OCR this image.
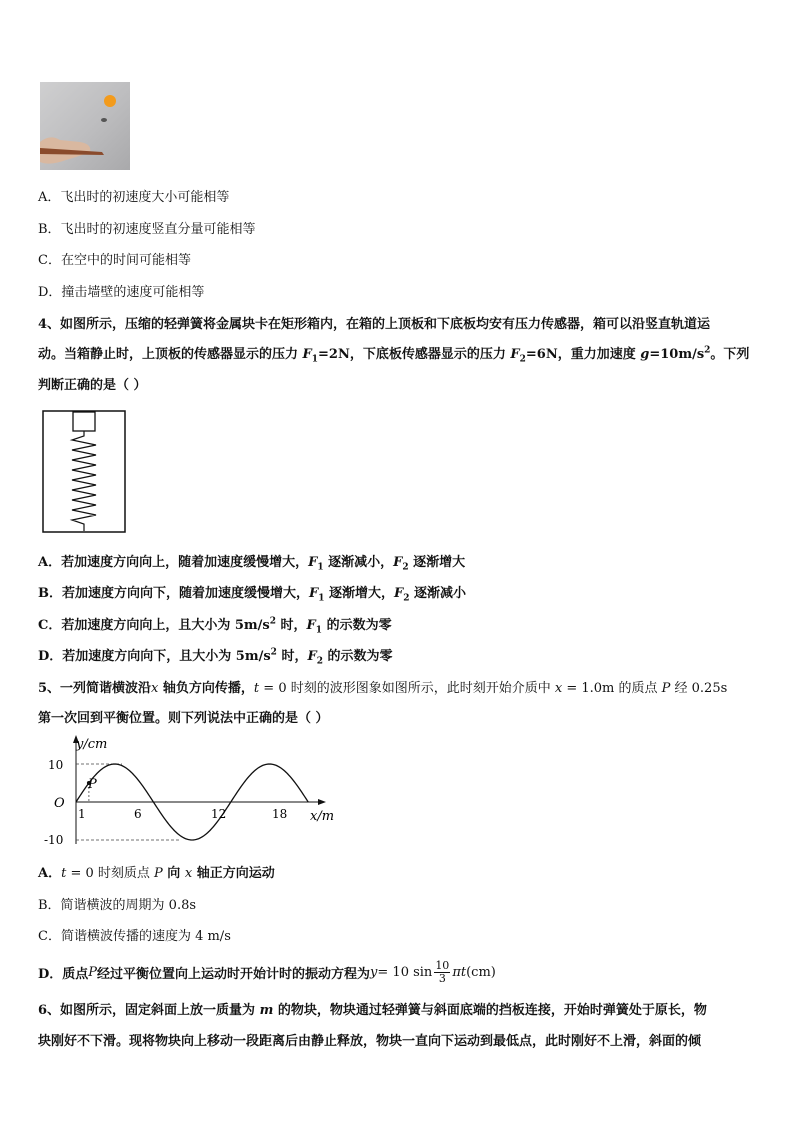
A．飞出时的初速度大小可能相等
B．飞出时的初速度竖直分量可能相等
C．在空中的时间可能相等
D．撞击墙壁的速度可能相等
4、如图所示，压缩的轻弹簧将金属块卡在矩形箱内，在箱的上顶板和下底板均安有压力传感器，箱可以沿竖直轨道运
动。当箱静止时，上顶板的传感器显示的压力 $F_1=2N$，下底板传感器显示的压力 $F_2=6N$，重力加速度 $g=10m/s^2$。下列
判断正确的是（ ）
A．若加速度方向向上，随着加速度缓慢增大，$F_1$ 逐渐减小，$F_2$ 逐渐增大
B．若加速度方向向下，随着加速度缓慢增大，$F_1$ 逐渐增大，$F_2$ 逐渐减小
C．若加速度方向向上，且大小为 $5m/s^2$ 时，$F_1$ 的示数为零
D．若加速度方向向下，且大小为 $5m/s^2$ 时，$F_2$ 的示数为零
5、一列简谐横波沿x 轴负方向传播，t = 0 时刻的波形图象如图所示，此时刻开始介质中 x = 1.0m 的质点 P 经 0.25s
第一次回到平衡位置。则下列说法中正确的是（ ）
y/cm
10
-10
O
P
1	6	12	18 x/m
A．t = 0 时刻质点 P 向 x 轴正方向运动
B．简谐横波的周期为 0.8s
C．简谐横波传播的速度为 4 m/s
D．质点 P 经过平衡位置向上运动时开始计时的振动方程为 y = 10 $\sin \frac{10}{3}$ πt (cm)
6、如图所示，固定斜面上放一质量为 m 的物块，物块通过轻弹簧与斜面底端的挡板连接，开始时弹簧处于原长，物
块刚好不下滑。现将物块向上移动一段距离后由静止释放，物块一直向下运动到最低点，此时刚好不上滑，斜面的倾
